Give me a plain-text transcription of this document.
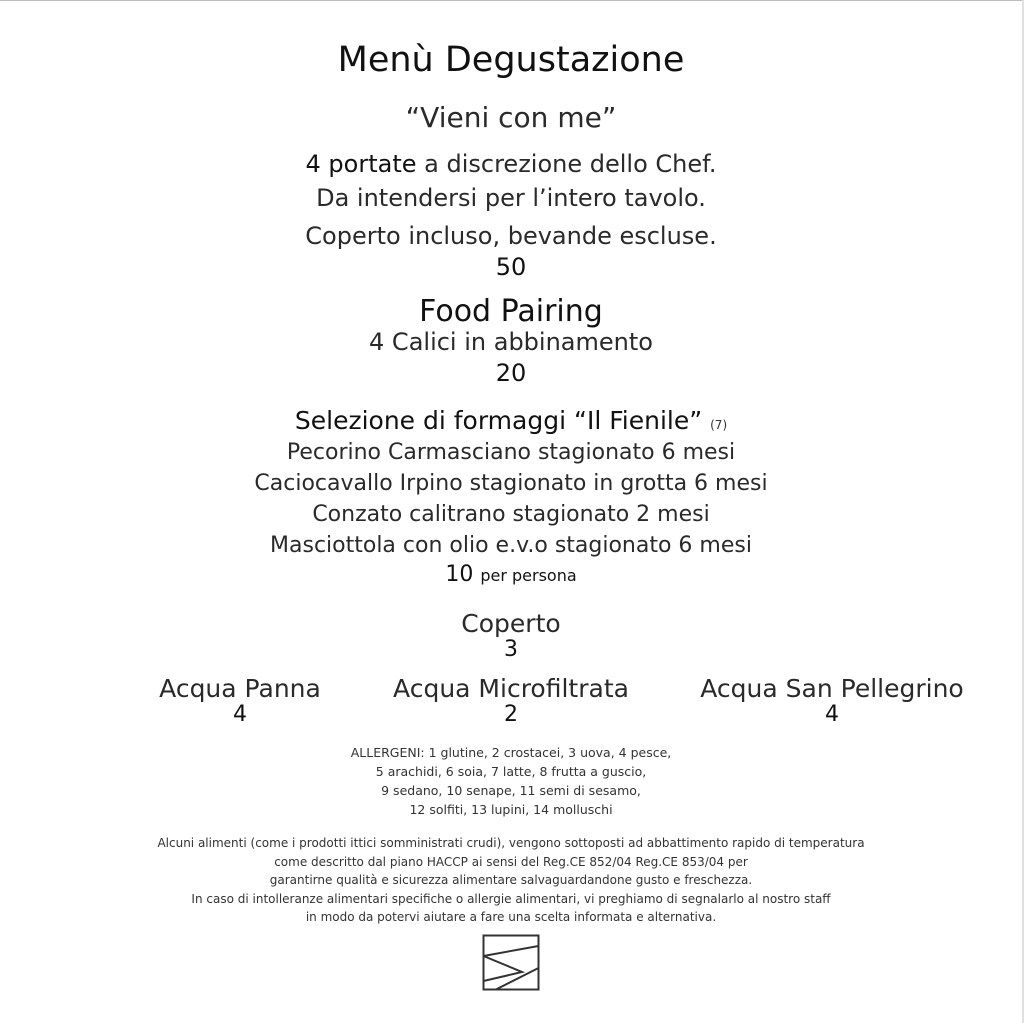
Menù Degustazione
“Vieni con me”
4 portate a discrezione dello Chef.
Da intendersi per l’intero tavolo.
Coperto incluso, bevande escluse.
50
Food Pairing
4 Calici in abbinamento
20
Selezione di formaggi “Il Fienile” (7)
Pecorino Carmasciano stagionato 6 mesi
Caciocavallo Irpino stagionato in grotta 6 mesi
Conzato calitrano stagionato 2 mesi
Masciottola con olio e.v.o stagionato 6 mesi
10 per persona
Coperto
3
Acqua Panna
4
Acqua Microfiltrata
2
Acqua San Pellegrino
4
ALLERGENI: 1 glutine, 2 crostacei, 3 uova, 4 pesce,
5 arachidi, 6 soia, 7 latte, 8 frutta a guscio,
9 sedano, 10 senape, 11 semi di sesamo,
12 solfiti, 13 lupini, 14 molluschi
Alcuni alimenti (come i prodotti ittici somministrati crudi), vengono sottoposti ad abbattimento rapido di temperatura
come descritto dal piano HACCP ai sensi del Reg.CE 852/04 Reg.CE 853/04 per
garantirne qualità e sicurezza alimentare salvaguardandone gusto e freschezza.
In caso di intolleranze alimentari specifiche o allergie alimentari, vi preghiamo di segnalarlo al nostro staff
in modo da potervi aiutare a fare una scelta informata e alternativa.
